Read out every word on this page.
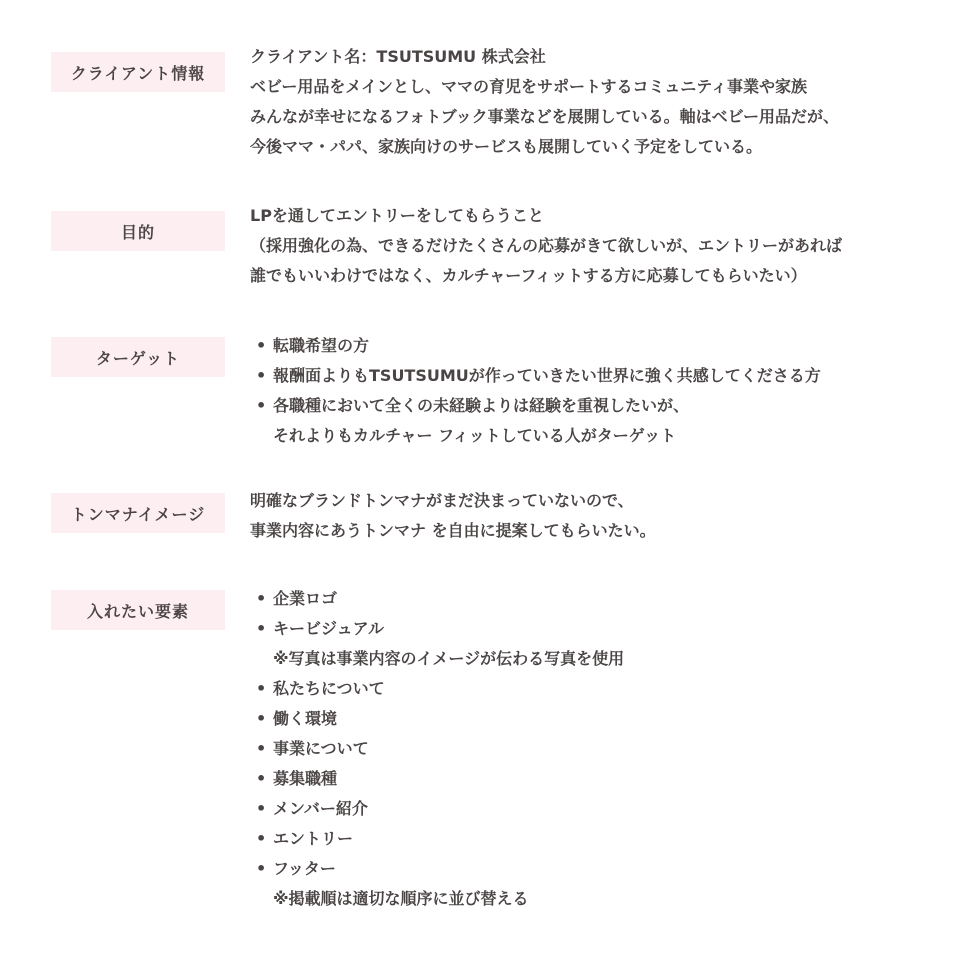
クライアント情報
クライアント名：TSUTSUMU 株式会社
ベビー用品をメインとし、ママの育児をサポートするコミュニティ事業や家族
みんなが幸せになるフォトブック事業などを展開している。軸はベビー用品だが、
今後ママ・パパ、家族向けのサービスも展開していく予定をしている。
目的
LPを通してエントリーをしてもらうこと
（採用強化の為、できるだけたくさんの応募がきて欲しいが、エントリーがあれば
誰でもいいわけではなく、カルチャーフィットする方に応募してもらいたい）
ターゲット
• 転職希望の方
• 報酬面よりもTSUTSUMUが作っていきたい世界に強く共感してくださる方
• 各職種において全くの未経験よりは経験を重視したいが、
それよりもカルチャー フィットしている人がターゲット
トンマナイメージ
明確なブランドトンマナがまだ決まっていないので、
事業内容にあうトンマナ を自由に提案してもらいたい。
入れたい要素
• 企業ロゴ
• キービジュアル
※写真は事業内容のイメージが伝わる写真を使用
• 私たちについて
• 働く環境
• 事業について
• 募集職種
• メンバー紹介
• エントリー
• フッター
※掲載順は適切な順序に並び替える
